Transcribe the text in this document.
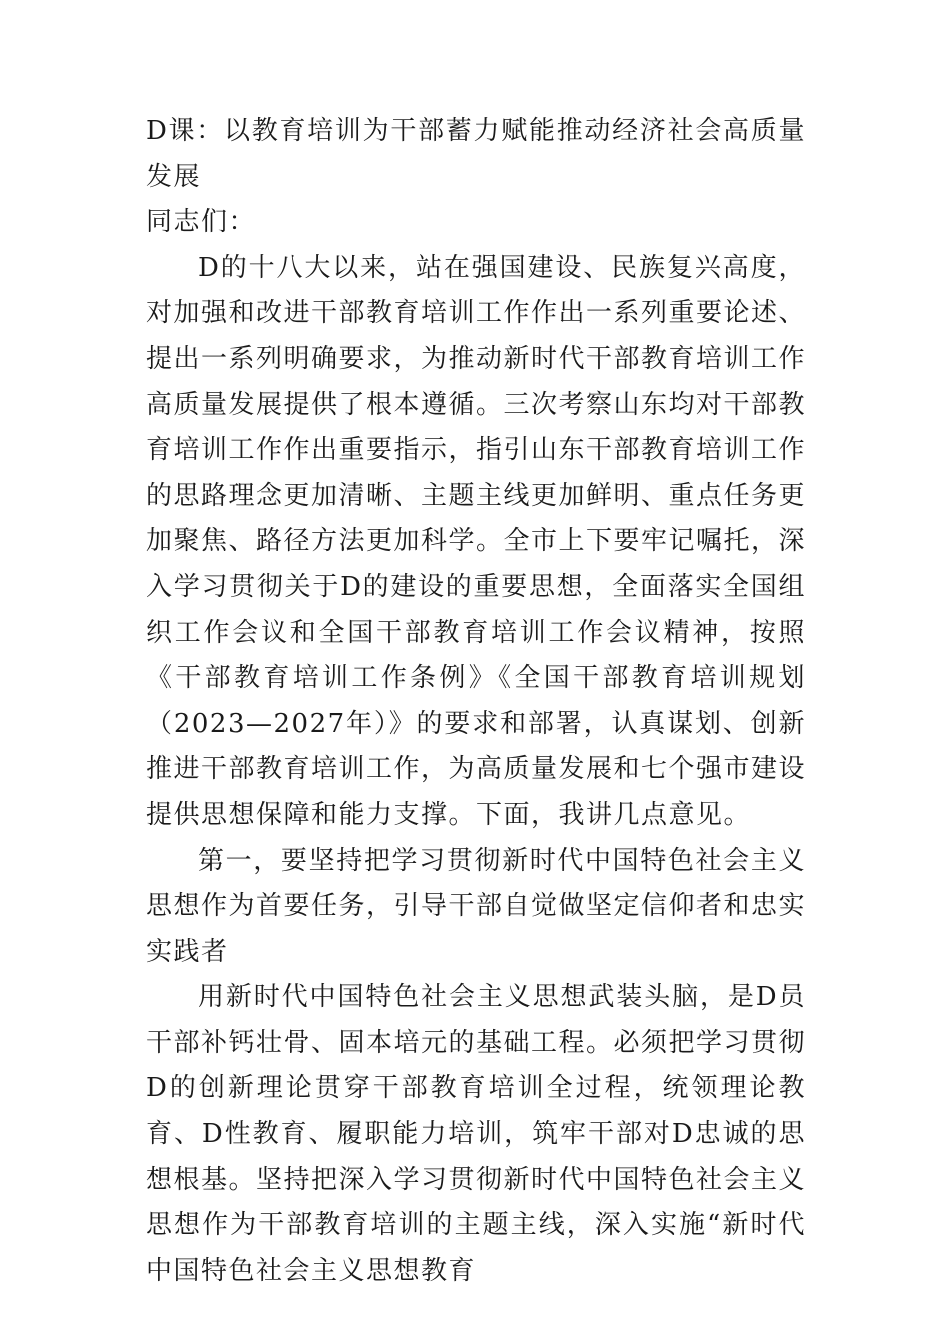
D课：以教育培训为干部蓄力赋能推动经济社会高质量发展

同志们：

D的十八大以来，站在强国建设、民族复兴高度，对加强和改进干部教育培训工作作出一系列重要论述、提出一系列明确要求，为推动新时代干部教育培训工作高质量发展提供了根本遵循。三次考察山东均对干部教育培训工作作出重要指示，指引山东干部教育培训工作的思路理念更加清晰、主题主线更加鲜明、重点任务更加聚焦、路径方法更加科学。全市上下要牢记嘱托，深入学习贯彻关于D的建设的重要思想，全面落实全国组织工作会议和全国干部教育培训工作会议精神，按照《干部教育培训工作条例》《全国干部教育培训规划（2023—2027年）》的要求和部署，认真谋划、创新推进干部教育培训工作，为高质量发展和七个强市建设提供思想保障和能力支撑。下面，我讲几点意见。

第一，要坚持把学习贯彻新时代中国特色社会主义思想作为首要任务，引导干部自觉做坚定信仰者和忠实实践者

用新时代中国特色社会主义思想武装头脑，是D员干部补钙壮骨、固本培元的基础工程。必须把学习贯彻D的创新理论贯穿干部教育培训全过程，统领理论教育、D性教育、履职能力培训，筑牢干部对D忠诚的思想根基。坚持把深入学习贯彻新时代中国特色社会主义思想作为干部教育培训的主题主线，深入实施“新时代中国特色社会主义思想教育
